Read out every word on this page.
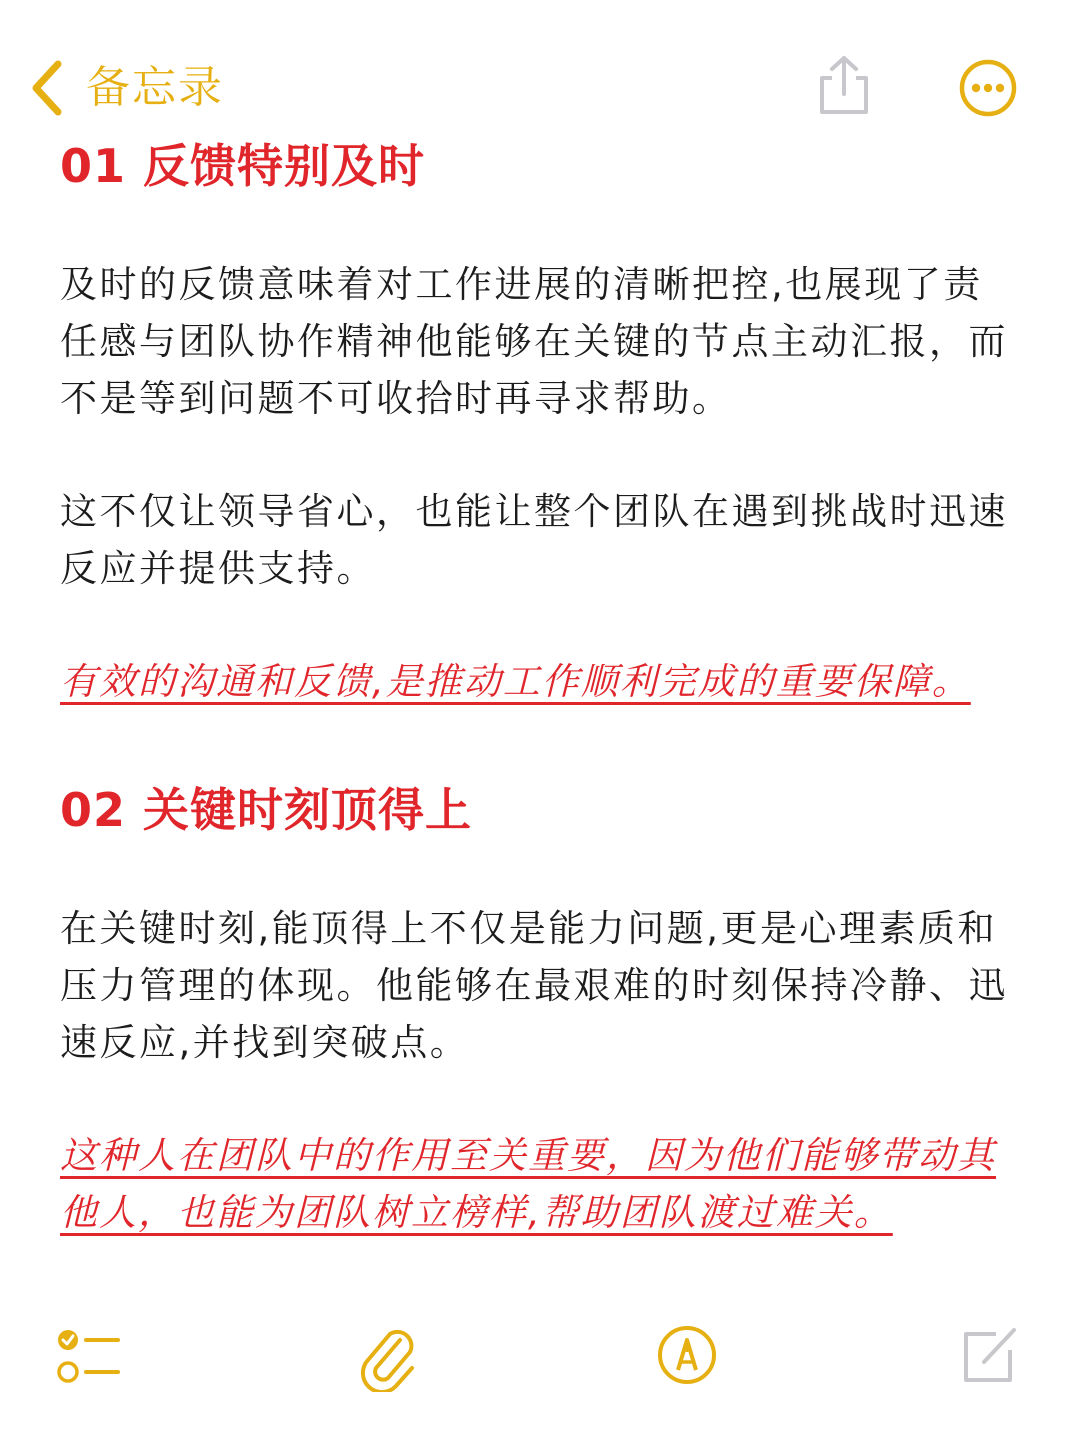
备忘录
01 反馈特别及时

及时的反馈意味着对工作进展的清晰把控,也展现了责任感与团队协作精神他能够在关键的节点主动汇报，而不是等到问题不可收拾时再寻求帮助。

这不仅让领导省心，也能让整个团队在遇到挑战时迅速反应并提供支持。

有效的沟通和反馈,是推动工作顺利完成的重要保障。

02 关键时刻顶得上

在关键时刻,能顶得上不仅是能力问题,更是心理素质和压力管理的体现。他能够在最艰难的时刻保持冷静、迅速反应,并找到突破点。

这种人在团队中的作用至关重要，因为他们能够带动其他人，也能为团队树立榜样,帮助团队渡过难关。
